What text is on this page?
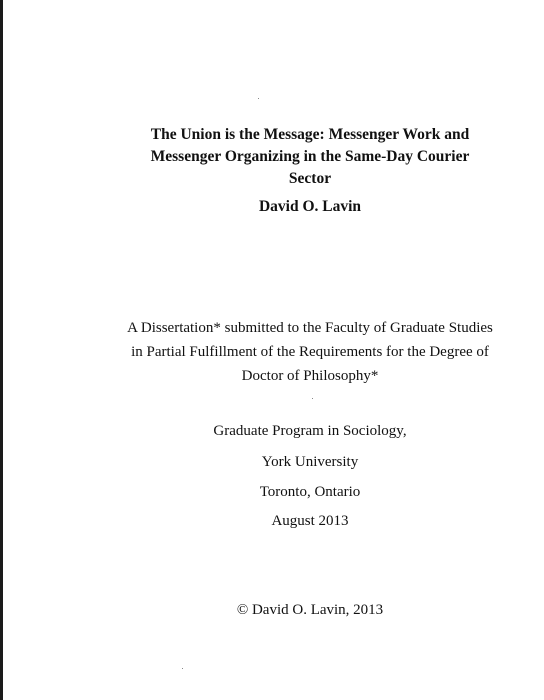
The Union is the Message: Messenger Work and Messenger Organizing in the Same-Day Courier Sector
David O. Lavin
A Dissertation* submitted to the Faculty of Graduate Studies in Partial Fulfillment of the Requirements for the Degree of Doctor of Philosophy*
Graduate Program in Sociology,
York University
Toronto, Ontario
August 2013
© David O. Lavin, 2013
